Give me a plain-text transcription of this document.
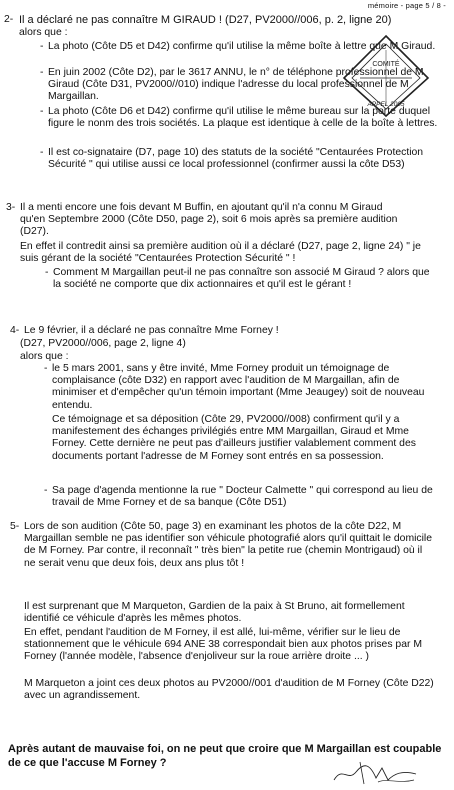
mémoire - page 5 / 8 -
2- Il a déclaré ne pas connaître M GIRAUD ! (D27, PV2000//006, p. 2, ligne 20)
alors que :
- La photo (Côte D5 et D42) confirme qu'il utilise la même boîte à lettre que M Giraud.
- En juin 2002 (Côte D2), par le 3617 ANNU, le n° de téléphone professionnel de M Giraud (Côte D31, PV2000//010) indique l'adresse du local professionnel de M Margaillan.
- La photo (Côte D6 et D42) confirme qu'il utilise le même bureau sur la porte duquel figure le nonm des trois sociétés. La plaque est identique à celle de la boîte à lettres.
- Il est co-signataire (D7, page 10) des statuts de la société "Centaurées Protection Sécurité " qui utilise aussi ce local professionnel (confirmer aussi la côte D53)
3- Il a menti encore une fois devant M Buffin, en ajoutant qu'il n'a connu M Giraud qu'en Septembre 2000 (Côte D50, page 2), soit 6 mois après sa première audition (D27).
En effet il contredit ainsi sa première audition où il a déclaré (D27, page 2, ligne 24) " je suis gérant de la société "Centaurées Protection Sécurité " !
- Comment M Margaillan peut-il ne pas connaître son associé M Giraud ? alors que la société ne comporte que dix actionnaires et qu'il est le gérant !
4- Le 9 février, il a déclaré ne pas connaître Mme Forney !
(D27, PV2000//006, page 2, ligne 4)
alors que :
- le 5 mars 2001, sans y être invité, Mme Forney produit un témoignage de complaisance (côte D32) en rapport avec l'audition de M Margaillan, afin de minimiser et d'empêcher qu'un témoin important (Mme Jeaugey) soit de nouveau entendu.
Ce témoignage et sa déposition (Côte 29, PV2000//008) confirment qu'il y a manifestement des échanges privilégiés entre MM Margaillan, Giraud et Mme Forney. Cette dernière ne peut pas d'ailleurs justifier valablement comment des documents portant l'adresse de M Forney sont entrés en sa possession.
- Sa page d'agenda mentionne la rue " Docteur Calmette " qui correspond au lieu de travail de Mme Forney et de sa banque (Côte D51)
5- Lors de son audition (Côte 50, page 3) en examinant les photos de la côte D22, M Margaillan semble ne pas identifier son véhicule photografié alors qu'il quittait le domicile de M Forney. Par contre, il reconnaît " très bien" la petite rue (chemin Montrigaud) où il ne serait venu que deux fois, deux ans plus tôt !
Il est surprenant que M Marqueton, Gardien de la paix à St Bruno, ait formellement identifié ce véhicule d'après les mêmes photos.
En effet, pendant l'audition de M Forney, il est allé, lui-même, vérifier sur le lieu de stationnement que le véhicule 694 ANE 38 correspondait bien aux photos prises par M Forney (l'année modèle, l'absence d'enjoliveur sur la roue arrière droite ... )
M Marqueton a joint ces deux photos au PV2000//001 d'audition de M Forney (Côte D22) avec un agrandissement.
Après autant de mauvaise foi, on ne peut que croire que M Margaillan est coupable de ce que l'accuse M Forney ?
COMITÉ
APPEL 2005
